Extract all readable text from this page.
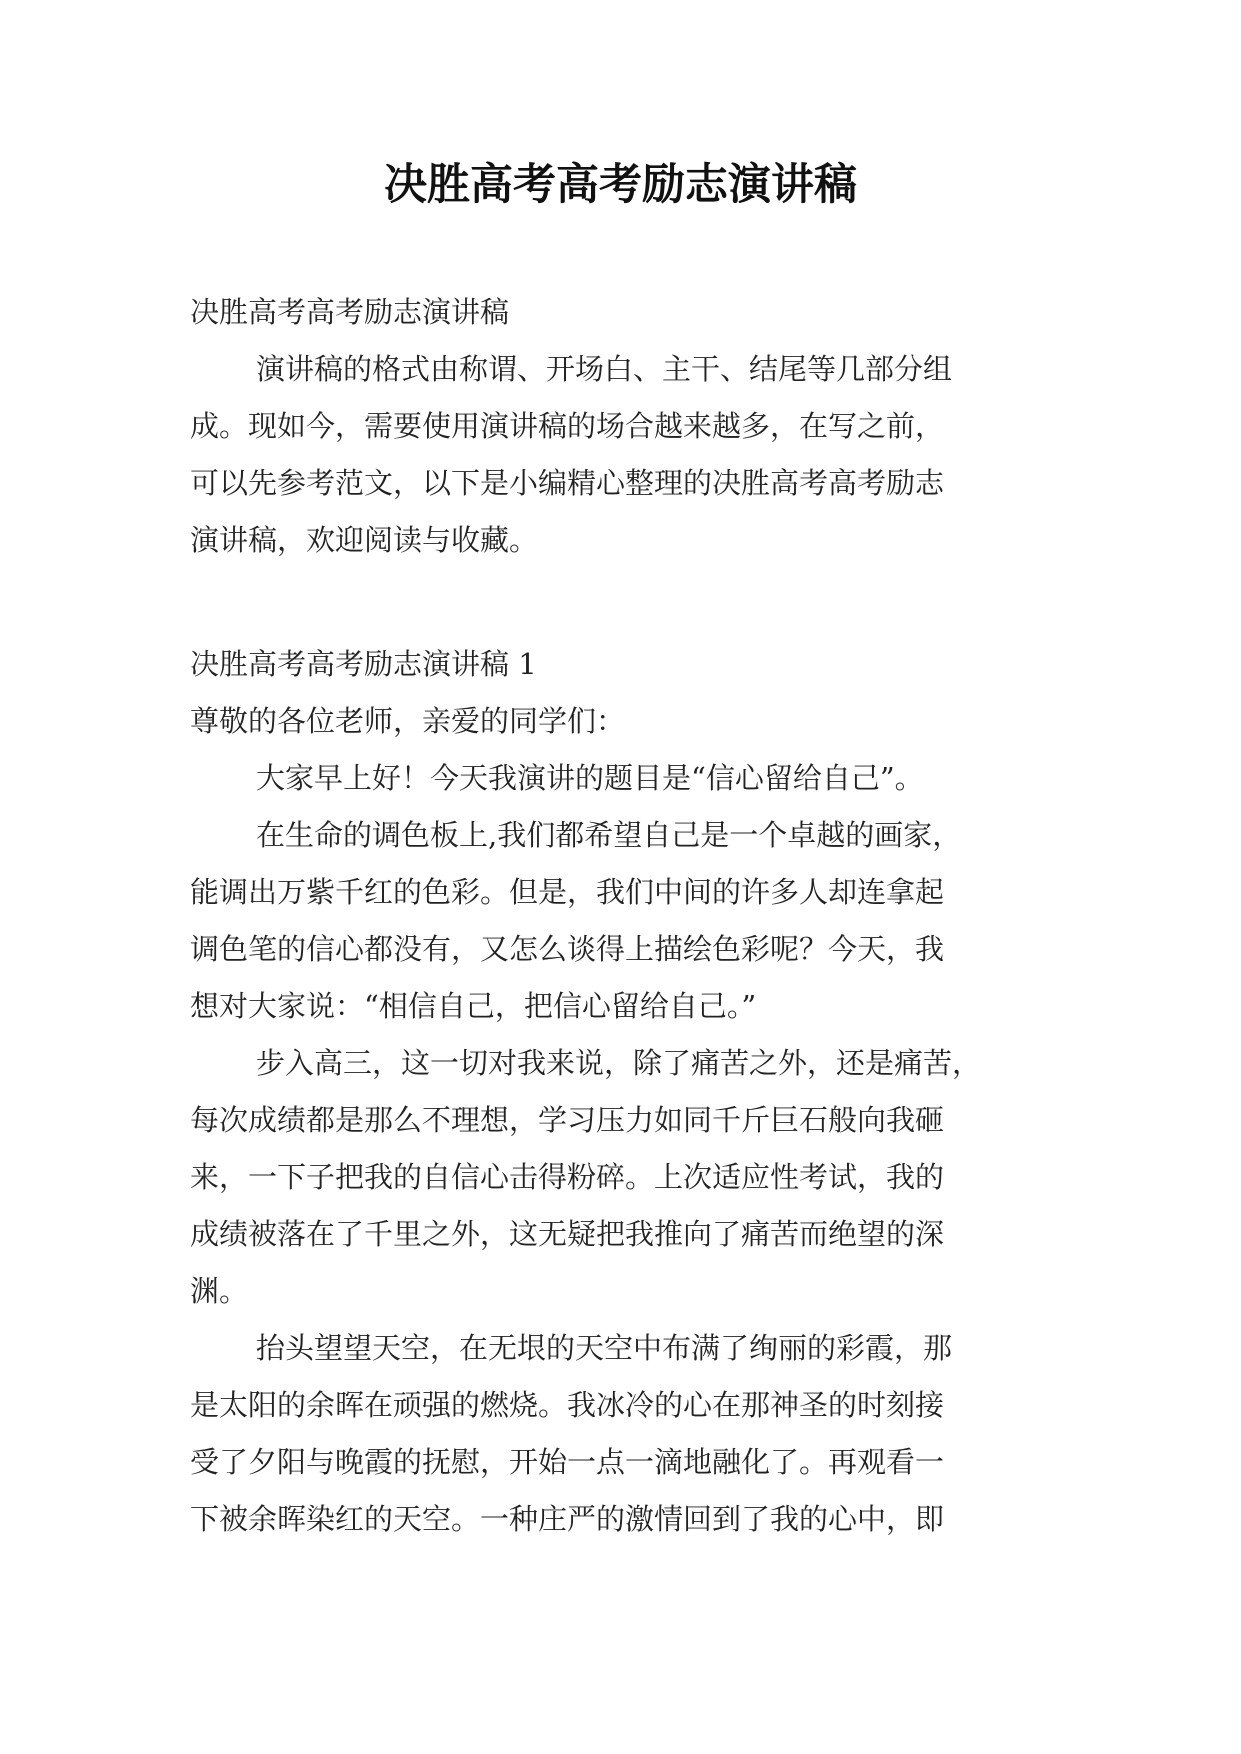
决胜高考高考励志演讲稿
决胜高考高考励志演讲稿
演讲稿的格式由称谓、开场白、主干、结尾等几部分组
成。现如今，需要使用演讲稿的场合越来越多，在写之前，
可以先参考范文，以下是小编精心整理的决胜高考高考励志
演讲稿，欢迎阅读与收藏。
决胜高考高考励志演讲稿 1
尊敬的各位老师，亲爱的同学们：
大家早上好！今天我演讲的题目是“信心留给自己”。
在生命的调色板上,我们都希望自己是一个卓越的画家，
能调出万紫千红的色彩。但是，我们中间的许多人却连拿起
调色笔的信心都没有，又怎么谈得上描绘色彩呢？今天，我
想对大家说：“相信自己，把信心留给自己。”
步入高三，这一切对我来说，除了痛苦之外，还是痛苦，
每次成绩都是那么不理想，学习压力如同千斤巨石般向我砸
来，一下子把我的自信心击得粉碎。上次适应性考试，我的
成绩被落在了千里之外，这无疑把我推向了痛苦而绝望的深
渊。
抬头望望天空，在无垠的天空中布满了绚丽的彩霞，那
是太阳的余晖在顽强的燃烧。我冰冷的心在那神圣的时刻接
受了夕阳与晚霞的抚慰，开始一点一滴地融化了。再观看一
下被余晖染红的天空。一种庄严的激情回到了我的心中，即
